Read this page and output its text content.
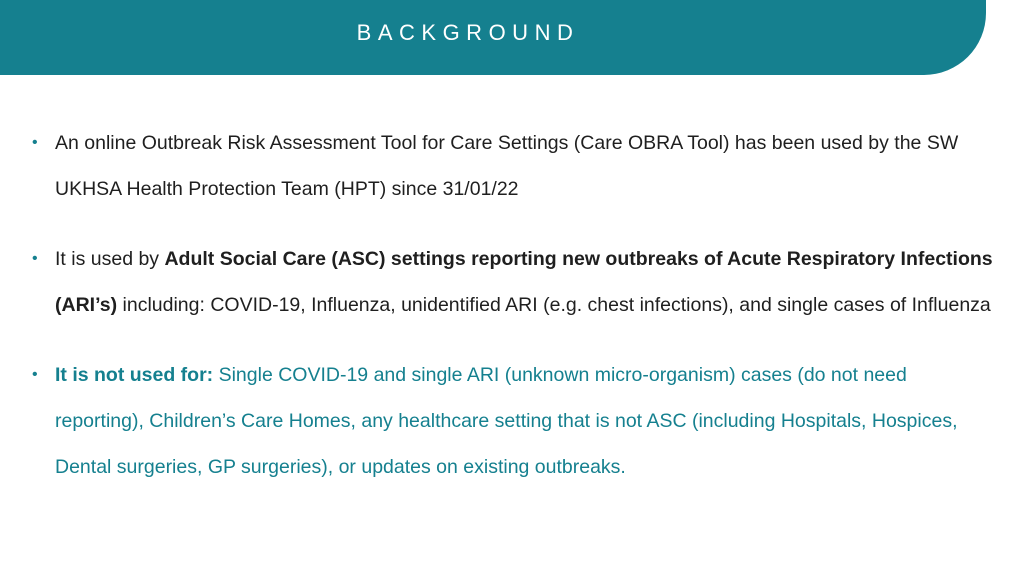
BACKGROUND
• An online Outbreak Risk Assessment Tool for Care Settings (Care OBRA Tool) has been used by the SW UKHSA Health Protection Team (HPT) since 31/01/22
• It is used by Adult Social Care (ASC) settings reporting new outbreaks of Acute Respiratory Infections (ARI’s) including: COVID-19, Influenza, unidentified ARI (e.g. chest infections), and single cases of Influenza
• It is not used for: Single COVID-19 and single ARI (unknown micro-organism) cases (do not need reporting), Children’s Care Homes, any healthcare setting that is not ASC (including Hospitals, Hospices, Dental surgeries, GP surgeries), or updates on existing outbreaks.
